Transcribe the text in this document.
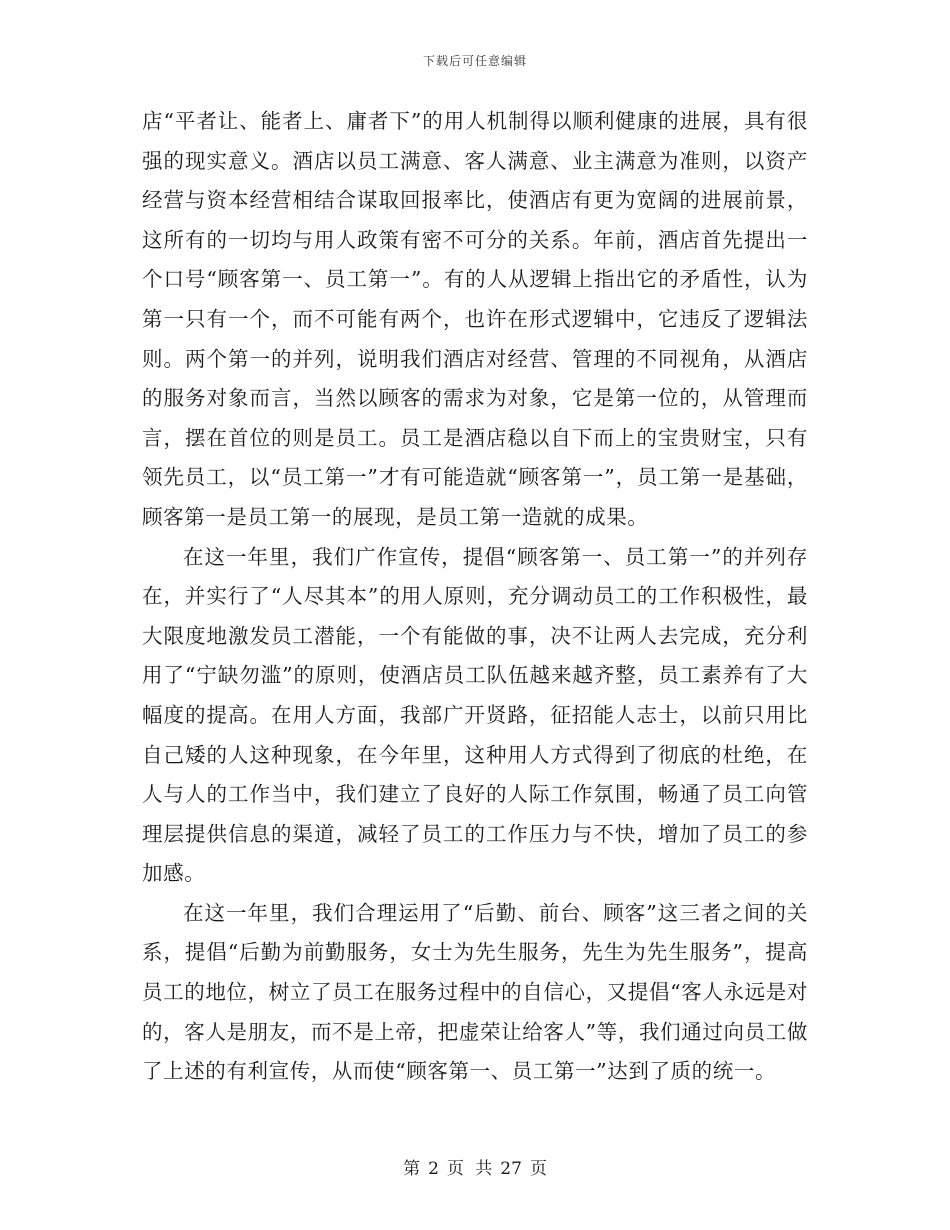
下载后可任意编辑

店“平者让、能者上、庸者下”的用人机制得以顺利健康的进展，具有很强的现实意义。酒店以员工满意、客人满意、业主满意为准则，以资产经营与资本经营相结合谋取回报率比，使酒店有更为宽阔的进展前景，这所有的一切均与用人政策有密不可分的关系。年前，酒店首先提出一个口号“顾客第一、员工第一”。有的人从逻辑上指出它的矛盾性，认为第一只有一个，而不可能有两个，也许在形式逻辑中，它违反了逻辑法则。两个第一的并列，说明我们酒店对经营、管理的不同视角，从酒店的服务对象而言，当然以顾客的需求为对象，它是第一位的，从管理而言，摆在首位的则是员工。员工是酒店稳以自下而上的宝贵财宝，只有领先员工，以“员工第一”才有可能造就“顾客第一”，员工第一是基础，顾客第一是员工第一的展现，是员工第一造就的成果。

在这一年里，我们广作宣传，提倡“顾客第一、员工第一”的并列存在，并实行了“人尽其本”的用人原则，充分调动员工的工作积极性，最大限度地激发员工潜能，一个有能做的事，决不让两人去完成，充分利用了“宁缺勿滥”的原则，使酒店员工队伍越来越齐整，员工素养有了大幅度的提高。在用人方面，我部广开贤路，征招能人志士，以前只用比自己矮的人这种现象，在今年里，这种用人方式得到了彻底的杜绝，在人与人的工作当中，我们建立了良好的人际工作氛围，畅通了员工向管理层提供信息的渠道，减轻了员工的工作压力与不快，增加了员工的参加感。

在这一年里，我们合理运用了“后勤、前台、顾客”这三者之间的关系，提倡“后勤为前勤服务，女士为先生服务，先生为先生服务”，提高员工的地位，树立了员工在服务过程中的自信心，又提倡“客人永远是对的，客人是朋友，而不是上帝，把虚荣让给客人”等，我们通过向员工做了上述的有利宣传，从而使“顾客第一、员工第一”达到了质的统一。

第 2 页 共 27 页
